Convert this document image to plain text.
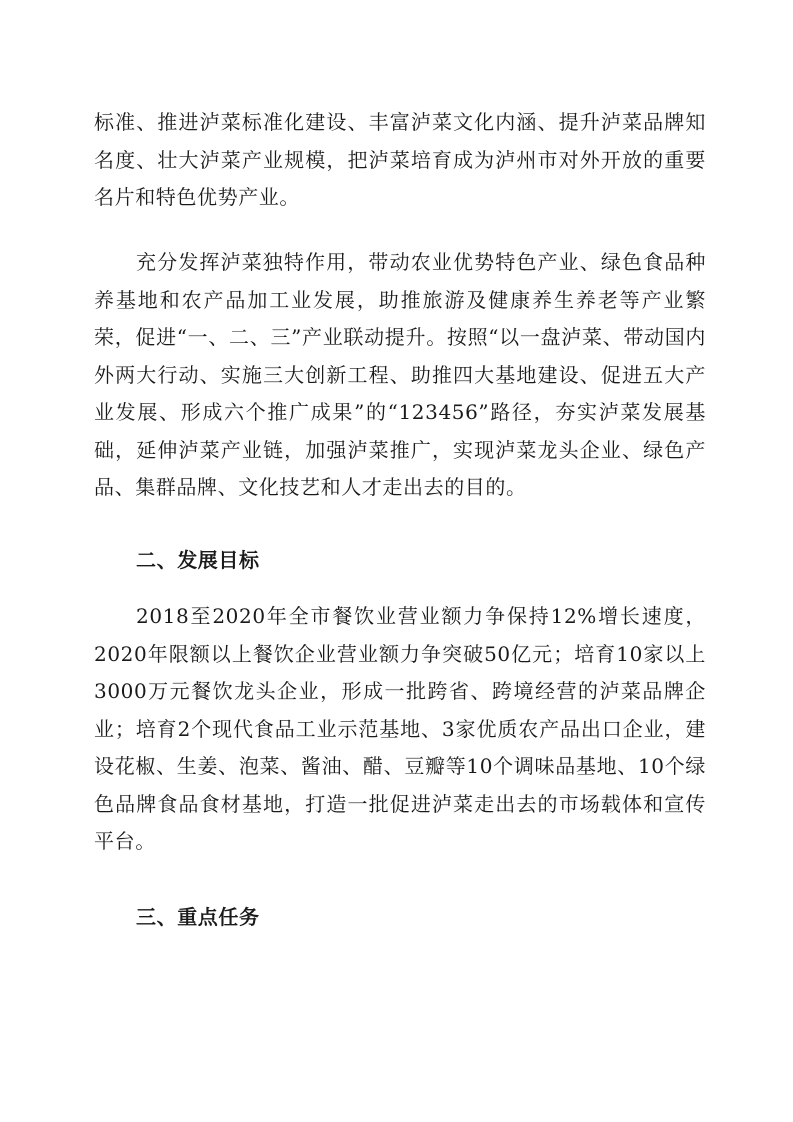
标准、推进泸菜标准化建设、丰富泸菜文化内涵、提升泸菜品牌知名度、壮大泸菜产业规模，把泸菜培育成为泸州市对外开放的重要名片和特色优势产业。

充分发挥泸菜独特作用，带动农业优势特色产业、绿色食品种养基地和农产品加工业发展，助推旅游及健康养生养老等产业繁荣，促进“一、二、三”产业联动提升。按照“以一盘泸菜、带动国内外两大行动、实施三大创新工程、助推四大基地建设、促进五大产业发展、形成六个推广成果”的“123456”路径，夯实泸菜发展基础，延伸泸菜产业链，加强泸菜推广，实现泸菜龙头企业、绿色产品、集群品牌、文化技艺和人才走出去的目的。

二、发展目标

2018至2020年全市餐饮业营业额力争保持12%增长速度，2020年限额以上餐饮企业营业额力争突破50亿元；培育10家以上3000万元餐饮龙头企业，形成一批跨省、跨境经营的泸菜品牌企业；培育2个现代食品工业示范基地、3家优质农产品出口企业，建设花椒、生姜、泡菜、酱油、醋、豆瓣等10个调味品基地、10个绿色品牌食品食材基地，打造一批促进泸菜走出去的市场载体和宣传平台。

三、重点任务
